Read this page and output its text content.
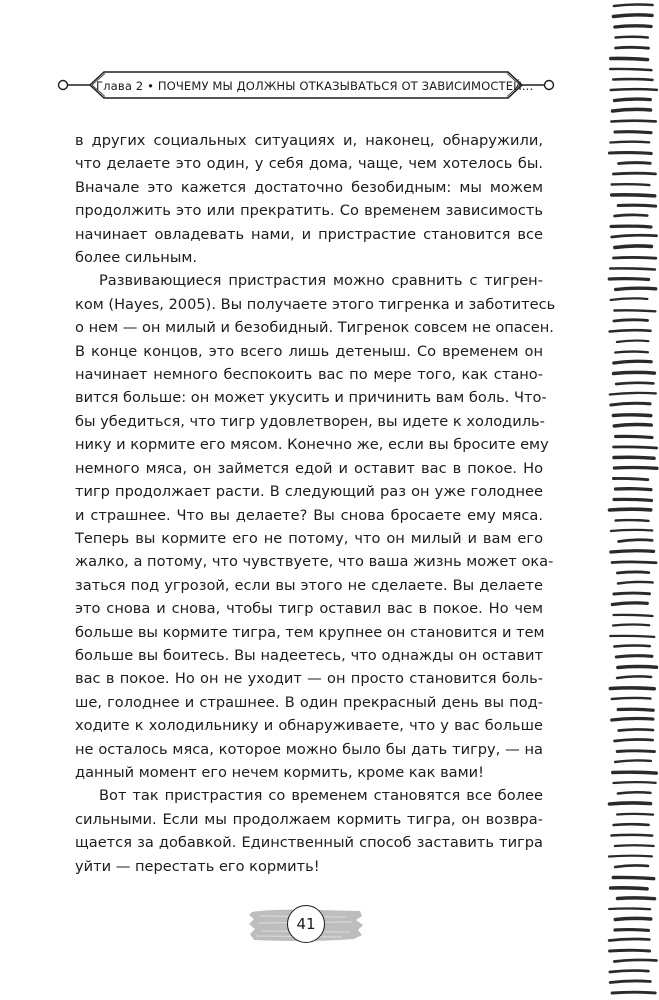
Глава 2 • ПОЧЕМУ МЫ ДОЛЖНЫ ОТКАЗЫВАТЬСЯ ОТ ЗАВИСИМОСТЕЙ...
в других социальных ситуациях и, наконец, обнаружили,
что делаете это один, у себя дома, чаще, чем хотелось бы.
Вначале это кажется достаточно безобидным: мы можем
продолжить это или прекратить. Со временем зависимость
начинает овладевать нами, и пристрастие становится все
более сильным.
Развивающиеся пристрастия можно сравнить с тигрен-
ком (Hayes, 2005). Вы получаете этого тигренка и заботитесь
о нем — он милый и безобидный. Тигренок совсем не опасен.
В конце концов, это всего лишь детеныш. Со временем он
начинает немного беспокоить вас по мере того, как стано-
вится больше: он может укусить и причинить вам боль. Что-
бы убедиться, что тигр удовлетворен, вы идете к холодиль-
нику и кормите его мясом. Конечно же, если вы бросите ему
немного мяса, он займется едой и оставит вас в покое. Но
тигр продолжает расти. В следующий раз он уже голоднее
и страшнее. Что вы делаете? Вы снова бросаете ему мяса.
Теперь вы кормите его не потому, что он милый и вам его
жалко, а потому, что чувствуете, что ваша жизнь может ока-
заться под угрозой, если вы этого не сделаете. Вы делаете
это снова и снова, чтобы тигр оставил вас в покое. Но чем
больше вы кормите тигра, тем крупнее он становится и тем
больше вы боитесь. Вы надеетесь, что однажды он оставит
вас в покое. Но он не уходит — он просто становится боль-
ше, голоднее и страшнее. В один прекрасный день вы под-
ходите к холодильнику и обнаруживаете, что у вас больше
не осталось мяса, которое можно было бы дать тигру, — на
данный момент его нечем кормить, кроме как вами!
Вот так пристрастия со временем становятся все более
сильными. Если мы продолжаем кормить тигра, он возвра-
щается за добавкой. Единственный способ заставить тигра
уйти — перестать его кормить!
41
